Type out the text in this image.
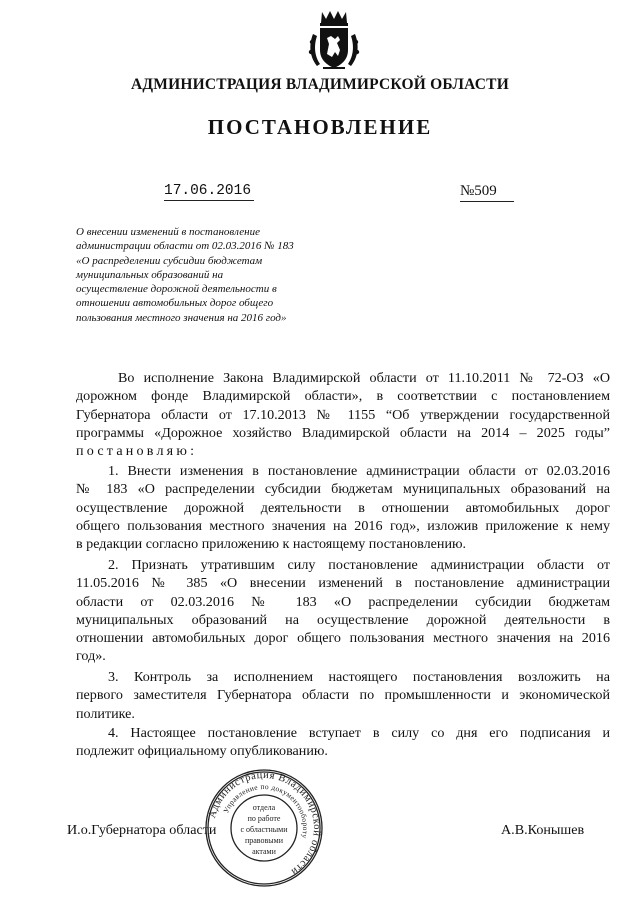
АДМИНИСТРАЦИЯ ВЛАДИМИРСКОЙ ОБЛАСТИ
ПОСТАНОВЛЕНИЕ
17.06.2016	№509
О внесении изменений в постановление
администрации области от 02.03.2016 № 183
«О распределении субсидии бюджетам
муниципальных образований на
осуществление дорожной деятельности в
отношении автомобильных дорог общего
пользования местного значения на 2016 год»
Во исполнение Закона Владимирской области от 11.10.2011 № 72-ОЗ «О
дорожном фонде Владимирской области», в соответствии с постановлением
Губернатора области от 17.10.2013 № 1155 “Об утверждении государственной
программы «Дорожное хозяйство Владимирской области на 2014 – 2025 годы”
постановляю:
1. Внести изменения в постановление администрации области от 02.03.2016
№ 183 «О распределении субсидии бюджетам муниципальных образований на
осуществление дорожной деятельности в отношении автомобильных дорог
общего пользования местного значения на 2016 год», изложив приложение к нему
в редакции согласно приложению к настоящему постановлению.
2. Признать утратившим силу постановление администрации области от
11.05.2016 № 385 «О внесении изменений в постановление администрации
области от 02.03.2016 № 183 «О распределении субсидии бюджетам
муниципальных образований на осуществление дорожной деятельности в
отношении автомобильных дорог общего пользования местного значения на 2016
год».
3. Контроль за исполнением настоящего постановления возложить на
первого заместителя Губернатора области по промышленности и экономической
политике.
4. Настоящее постановление вступает в силу со дня его подписания и
подлежит официальному опубликованию.
И.о.Губернатора области	А.В.Конышев
Администрация Владимирской области
Управление по документообороту
отдела
по работе
с областными
правовыми
актами
